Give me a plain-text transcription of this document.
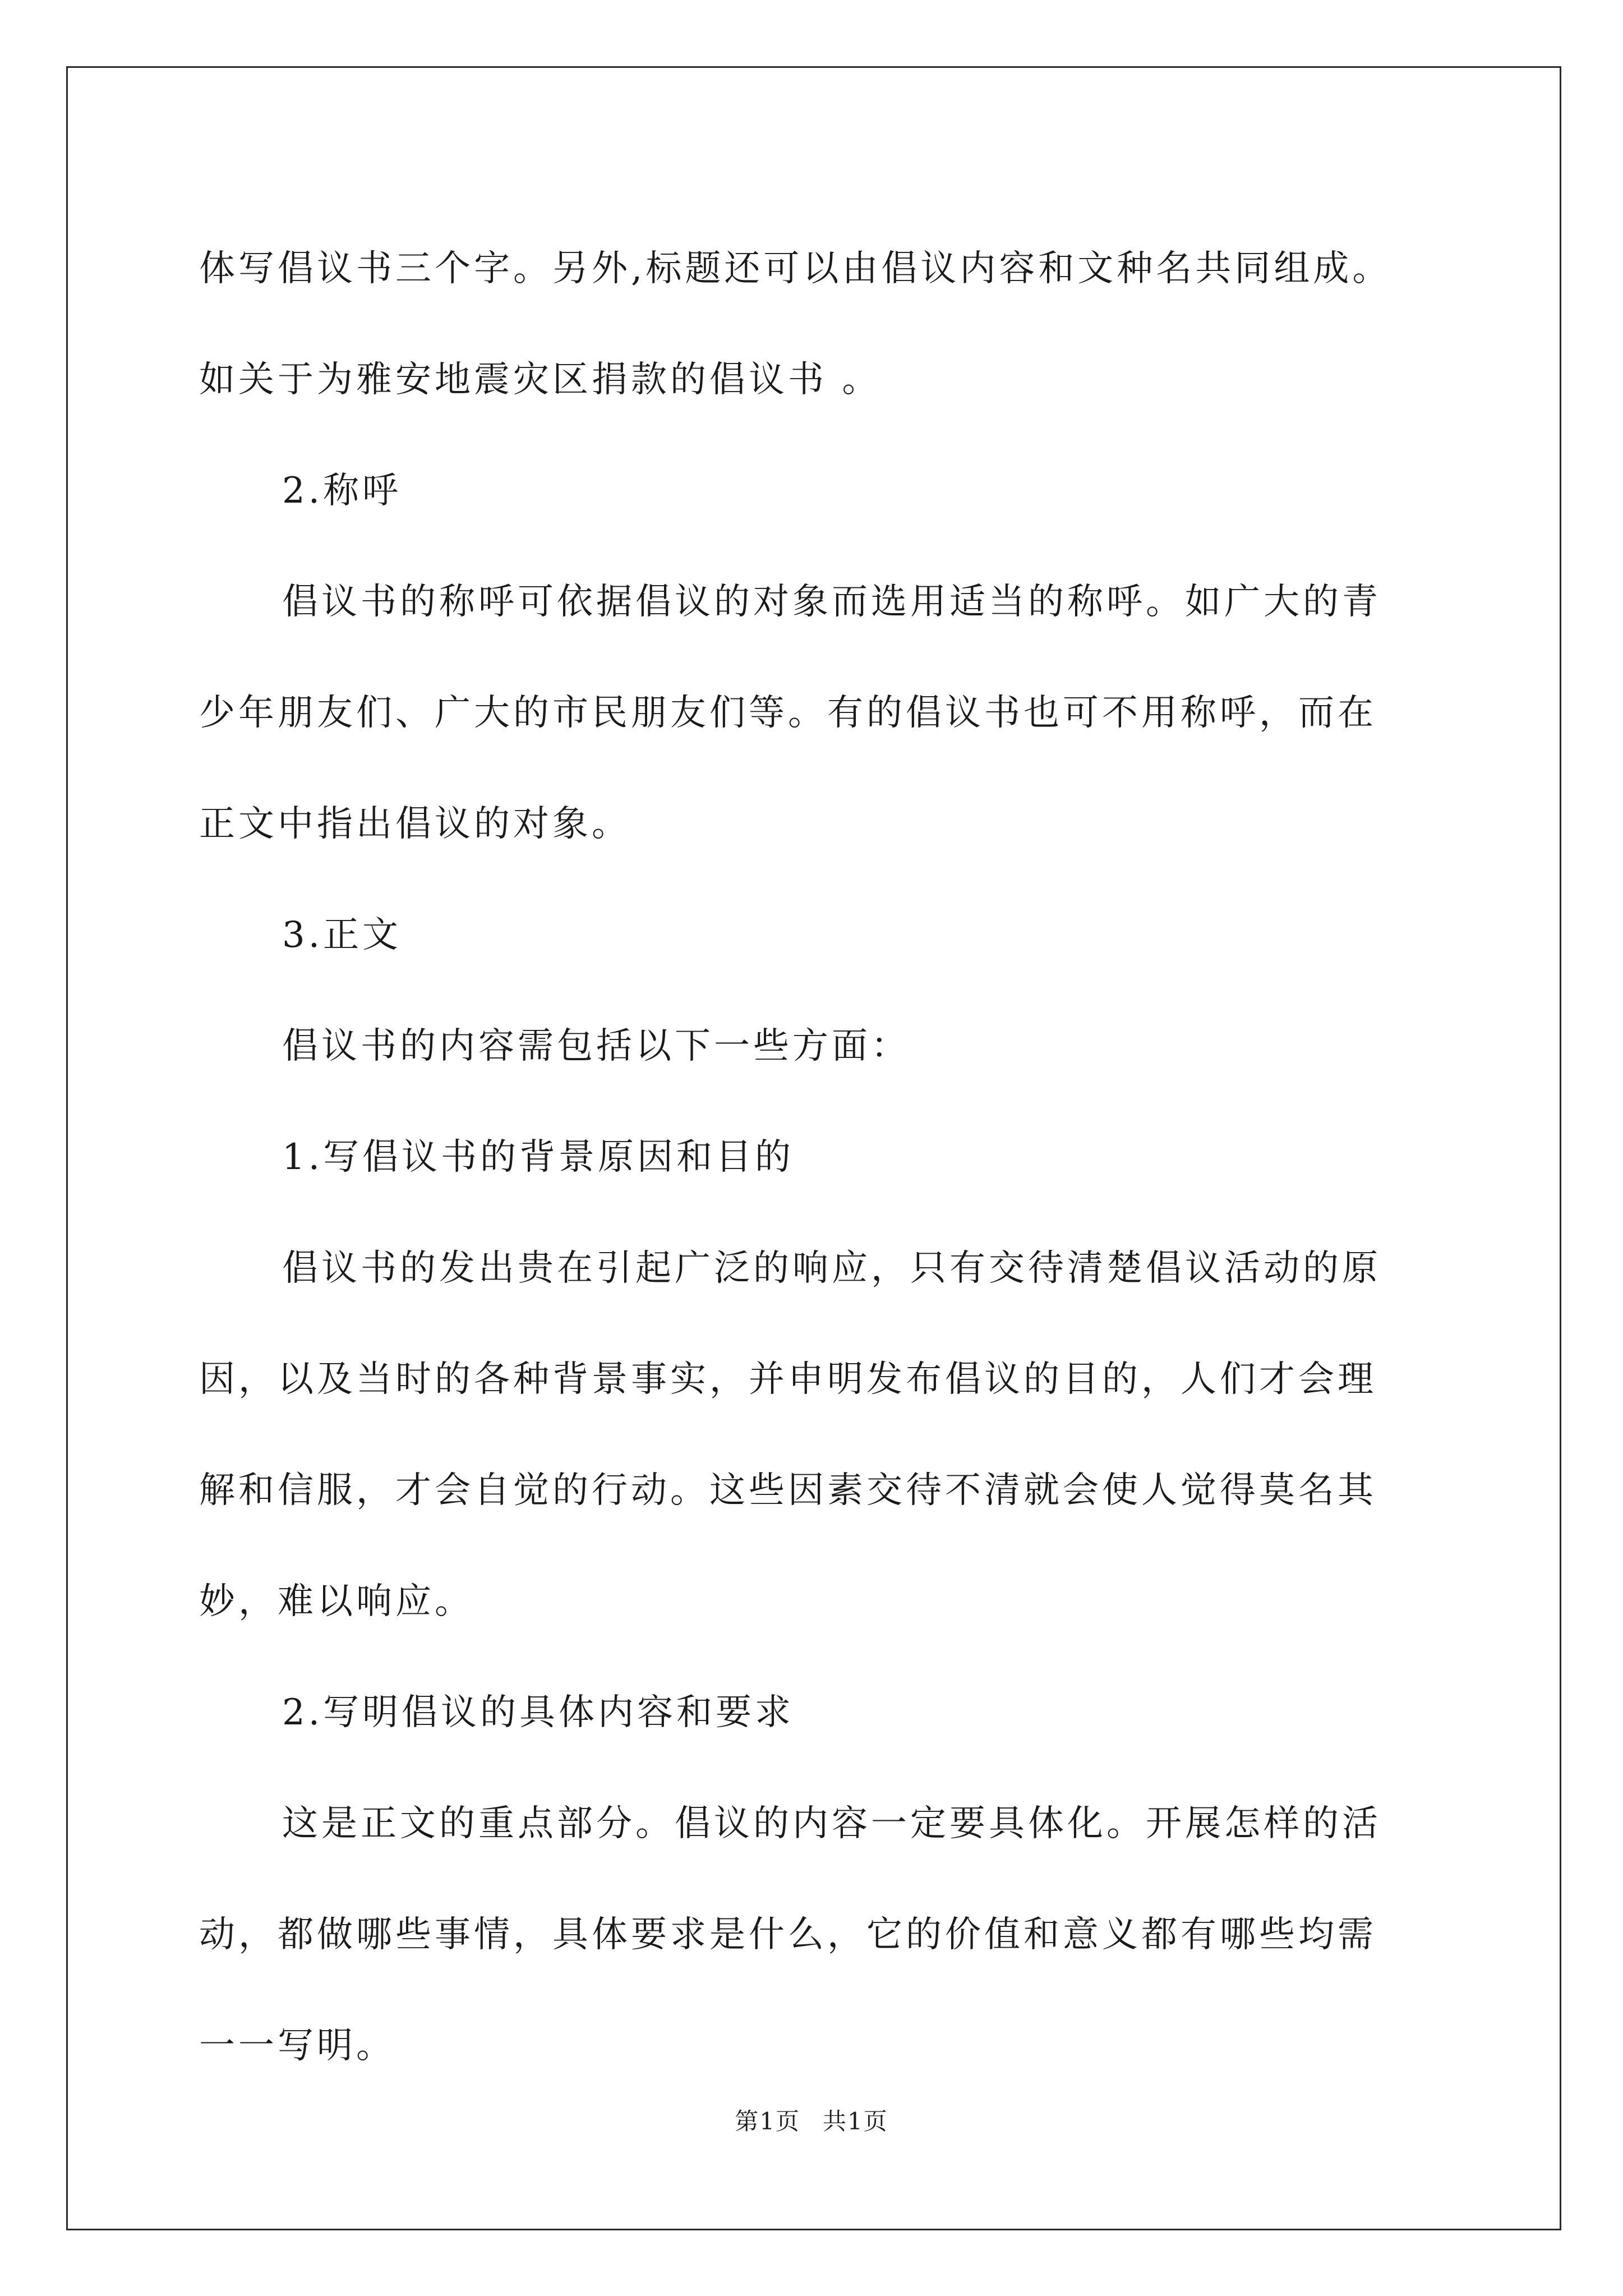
体写倡议书三个字。另外,标题还可以由倡议内容和文种名共同组成。

如关于为雅安地震灾区捐款的倡议书 。

2.称呼

倡议书的称呼可依据倡议的对象而选用适当的称呼。如广大的青

少年朋友们、广大的市民朋友们等。有的倡议书也可不用称呼，而在

正文中指出倡议的对象。

3.正文

倡议书的内容需包括以下一些方面：

1.写倡议书的背景原因和目的

倡议书的发出贵在引起广泛的响应，只有交待清楚倡议活动的原

因，以及当时的各种背景事实，并申明发布倡议的目的，人们才会理

解和信服，才会自觉的行动。这些因素交待不清就会使人觉得莫名其

妙，难以响应。

2.写明倡议的具体内容和要求

这是正文的重点部分。倡议的内容一定要具体化。开展怎样的活

动，都做哪些事情，具体要求是什么，它的价值和意义都有哪些均需

一一写明。

第1页 共1页
